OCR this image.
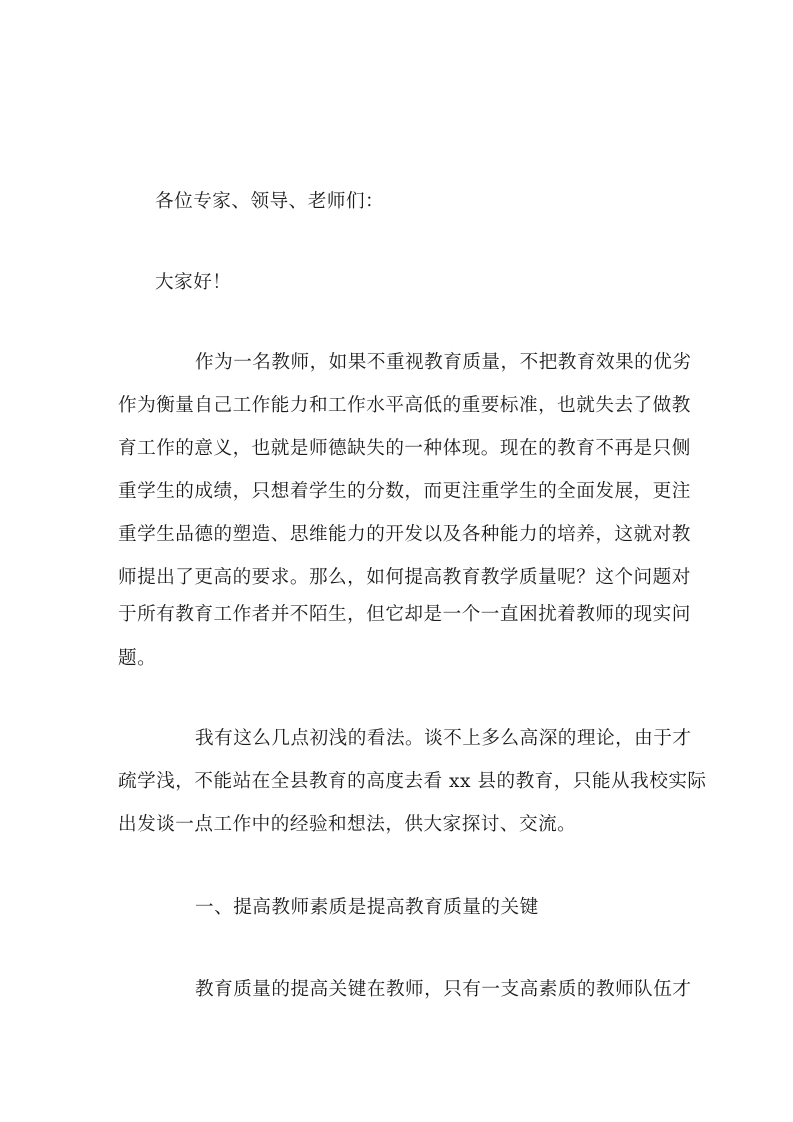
各位专家、领导、老师们：
大家好！
作为一名教师，如果不重视教育质量，不把教育效果的优劣
作为衡量自己工作能力和工作水平高低的重要标准，也就失去了做教
育工作的意义，也就是师德缺失的一种体现。现在的教育不再是只侧
重学生的成绩，只想着学生的分数，而更注重学生的全面发展，更注
重学生品德的塑造、思维能力的开发以及各种能力的培养，这就对教
师提出了更高的要求。那么，如何提高教育教学质量呢？这个问题对
于所有教育工作者并不陌生，但它却是一个一直困扰着教师的现实问
题。
我有这么几点初浅的看法。谈不上多么高深的理论，由于才
疏学浅，不能站在全县教育的高度去看 xx 县的教育，只能从我校实际
出发谈一点工作中的经验和想法，供大家探讨、交流。
一、提高教师素质是提高教育质量的关键
教育质量的提高关键在教师，只有一支高素质的教师队伍才
